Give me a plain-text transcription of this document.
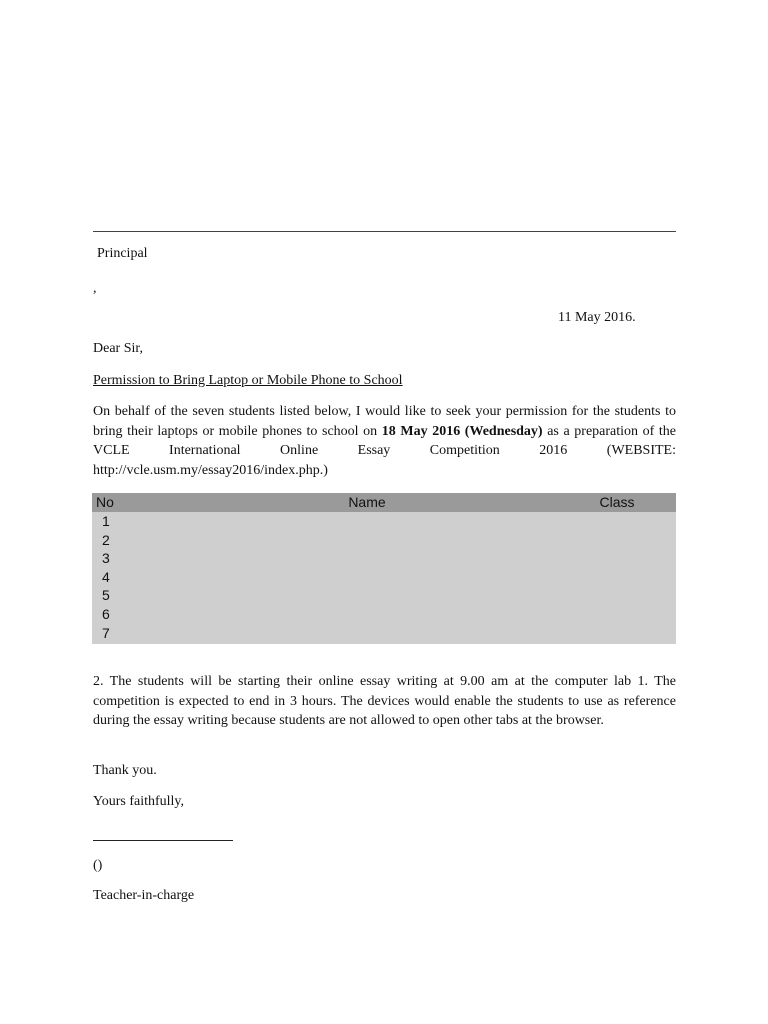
Principal
,
11 May 2016.
Dear Sir,
Permission to Bring Laptop or Mobile Phone to School
On behalf of the seven students listed below, I would like to seek your permission for the students to bring their laptops or mobile phones to school on 18 May 2016 (Wednesday) as a preparation of the VCLE International Online Essay Competition 2016 (WEBSITE: http://vcle.usm.my/essay2016/index.php.)
No	Name	Class
1		
2		
3		
4		
5		
6		
7		
2. The students will be starting their online essay writing at 9.00 am at the computer lab 1. The competition is expected to end in 3 hours. The devices would enable the students to use as reference during the essay writing because students are not allowed to open other tabs at the browser.
Thank you.
Yours faithfully,
()
Teacher-in-charge
